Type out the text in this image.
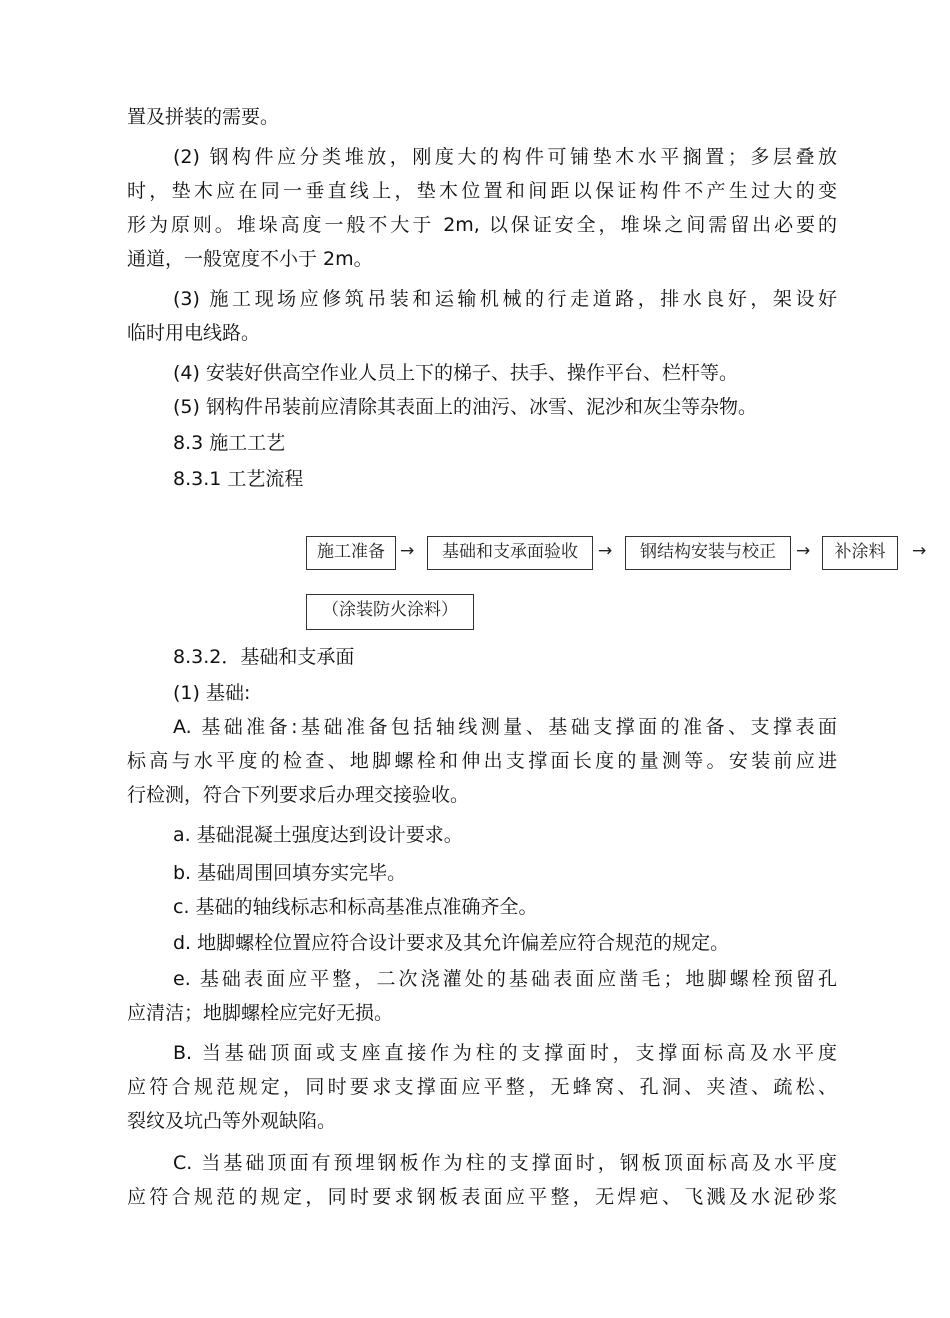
置及拼装的需要。
(2) 钢构件应分类堆放，刚度大的构件可铺垫木水平搁置；多层叠放
时，垫木应在同一垂直线上，垫木位置和间距以保证构件不产生过大的变
形为原则。堆垛高度一般不大于 2m, 以保证安全，堆垛之间需留出必要的
通道，一般宽度不小于 2m。
(3) 施工现场应修筑吊装和运输机械的行走道路，排水良好，架设好
临时用电线路。
(4) 安装好供高空作业人员上下的梯子、扶手、操作平台、栏杆等。
(5) 钢构件吊装前应清除其表面上的油污、冰雪、泥沙和灰尘等杂物。
8.3 施工工艺
8.3.1 工艺流程
施工准备 →	基础和支承面验收	→	钢结构安装与校正	→	补涂料	→
（涂装防火涂料）
8.3.2．基础和支承面
(1) 基础:
A. 基础准备:基础准备包括轴线测量、基础支撑面的准备、支撑表面
标高与水平度的检查、地脚螺栓和伸出支撑面长度的量测等。安装前应进
行检测，符合下列要求后办理交接验收。
a. 基础混凝土强度达到设计要求。
b. 基础周围回填夯实完毕。
c. 基础的轴线标志和标高基准点准确齐全。
d. 地脚螺栓位置应符合设计要求及其允许偏差应符合规范的规定。
e. 基础表面应平整，二次浇灌处的基础表面应凿毛；地脚螺栓预留孔
应清洁；地脚螺栓应完好无损。
B. 当基础顶面或支座直接作为柱的支撑面时，支撑面标高及水平度
应符合规范规定，同时要求支撑面应平整，无蜂窝、孔洞、夹渣、疏松、
裂纹及坑凸等外观缺陷。
C. 当基础顶面有预埋钢板作为柱的支撑面时，钢板顶面标高及水平度
应符合规范的规定，同时要求钢板表面应平整，无焊疤、飞溅及水泥砂浆
